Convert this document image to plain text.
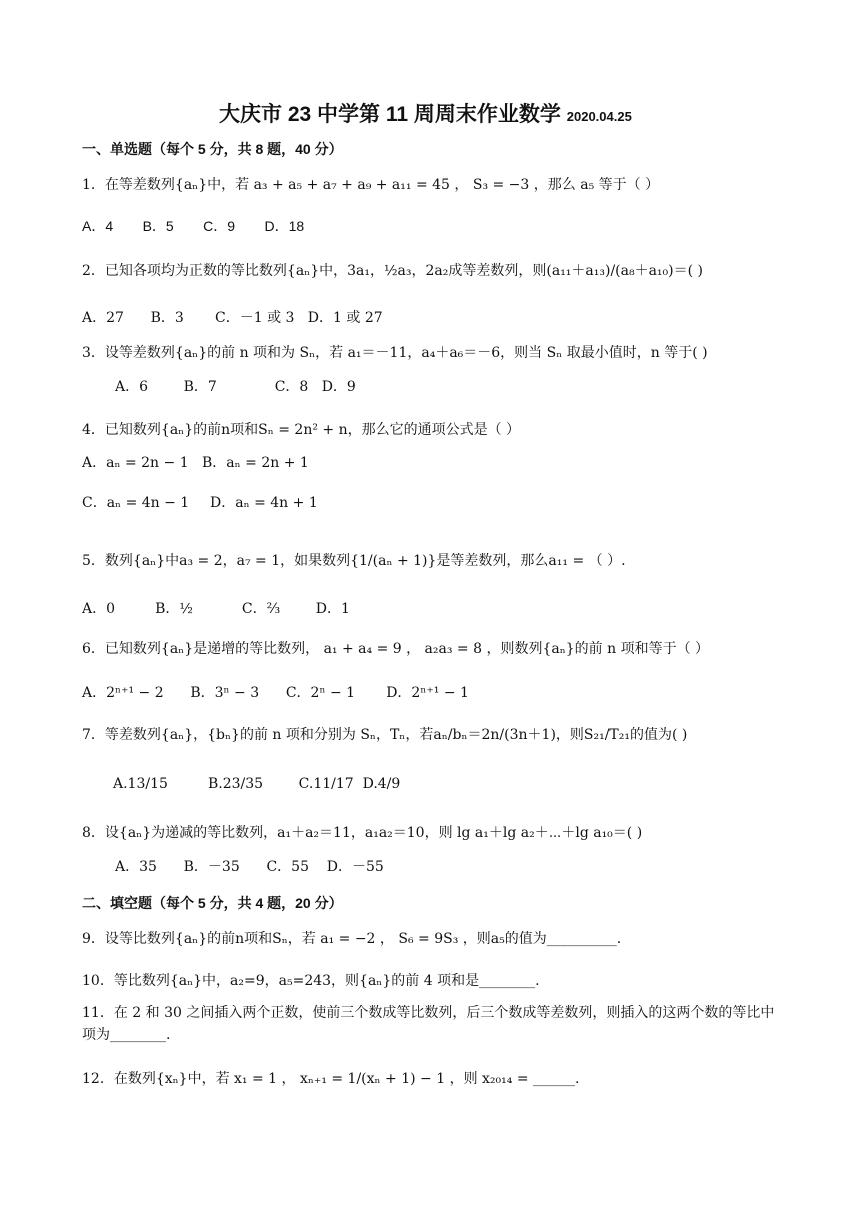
大庆市 23 中学第 11 周周末作业数学 2020.04.25
一、单选题（每个 5 分，共 8 题，40 分）
1．在等差数列{aₙ}中，若 a₃ + a₅ + a₇ + a₉ + a₁₁ = 45 ， S₃ = −3 ，那么 a₅ 等于（ ）
A．4 B．5 C．9 D．18
2．已知各项均为正数的等比数列{aₙ}中，3a₁，½a₃，2a₂成等差数列，则(a₁₁＋a₁₃)/(a₈＋a₁₀)＝( )
A．27 B．3 C．－1 或 3 D．1 或 27
3．设等差数列{aₙ}的前 n 项和为 Sₙ，若 a₁＝－11，a₄＋a₆＝－6，则当 Sₙ 取最小值时，n 等于( )
A．6	B．7	C．8 D．9
4．已知数列{aₙ}的前n项和Sₙ = 2n² + n，那么它的通项公式是（ ）
A．aₙ = 2n − 1 B．aₙ = 2n + 1
C．aₙ = 4n − 1 D．aₙ = 4n + 1
5．数列{aₙ}中a₃ = 2，a₇ = 1，如果数列{1/(aₙ + 1)}是等差数列，那么a₁₁ = （ ）.
A．0	B．½	C．⅔	D．1
6．已知数列{aₙ}是递增的等比数列， a₁ + a₄ = 9 ， a₂a₃ = 8 ，则数列{aₙ}的前 n 项和等于（ ）
A．2ⁿ⁺¹ − 2 B．3ⁿ − 3 C．2ⁿ − 1 D．2ⁿ⁺¹ − 1
7．等差数列{aₙ}，{bₙ}的前 n 项和分别为 Sₙ，Tₙ，若aₙ/bₙ＝2n/(3n＋1)，则S₂₁/T₂₁的值为( )
A.13/15	B.23/35	C.11/17 D.4/9
8．设{aₙ}为递减的等比数列，a₁＋a₂＝11，a₁a₂＝10，则 lg a₁＋lg a₂＋⋯＋lg a₁₀＝( )
A．35 B．－35 C．55 D．－55
二、填空题（每个 5 分，共 4 题，20 分）
9．设等比数列{aₙ}的前n项和Sₙ，若 a₁ = −2 ， S₆ = 9S₃ ，则a₅的值为__________.
10．等比数列{aₙ}中，a₂=9，a₅=243，则{aₙ}的前 4 项和是________.
11．在 2 和 30 之间插入两个正数，使前三个数成等比数列，后三个数成等差数列，则插入的这两个数的等比中项为________.
12．在数列{xₙ}中，若 x₁ = 1 ， xₙ₊₁ = 1/(xₙ + 1) − 1 ，则 x₂₀₁₄ = ______.
